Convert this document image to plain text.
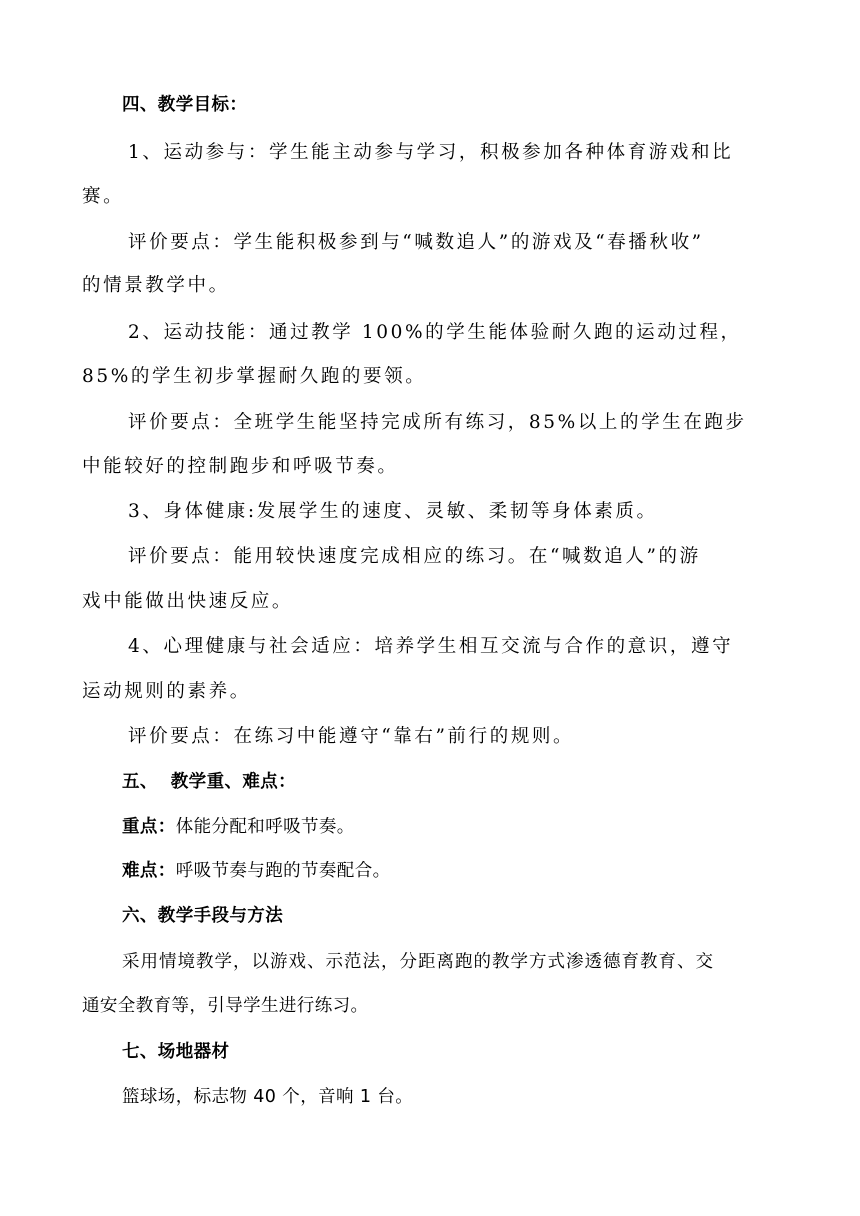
四、教学目标：
1、运动参与：学生能主动参与学习，积极参加各种体育游戏和比
赛。
评价要点：学生能积极参到与“喊数追人”的游戏及“春播秋收”
的情景教学中。
2、运动技能：通过教学 100%的学生能体验耐久跑的运动过程，
85%的学生初步掌握耐久跑的要领。
评价要点：全班学生能坚持完成所有练习，85%以上的学生在跑步
中能较好的控制跑步和呼吸节奏。
3、身体健康:发展学生的速度、灵敏、柔韧等身体素质。
评价要点：能用较快速度完成相应的练习。在“喊数追人”的游
戏中能做出快速反应。
4、心理健康与社会适应：培养学生相互交流与合作的意识，遵守
运动规则的素养。
评价要点：在练习中能遵守“靠右”前行的规则。
五、  教学重、难点：
重点：体能分配和呼吸节奏。
难点：呼吸节奏与跑的节奏配合。
六、教学手段与方法
采用情境教学，以游戏、示范法，分距离跑的教学方式渗透德育教育、交
通安全教育等，引导学生进行练习。
七、场地器材
篮球场，标志物 40 个，音响 1 台。
